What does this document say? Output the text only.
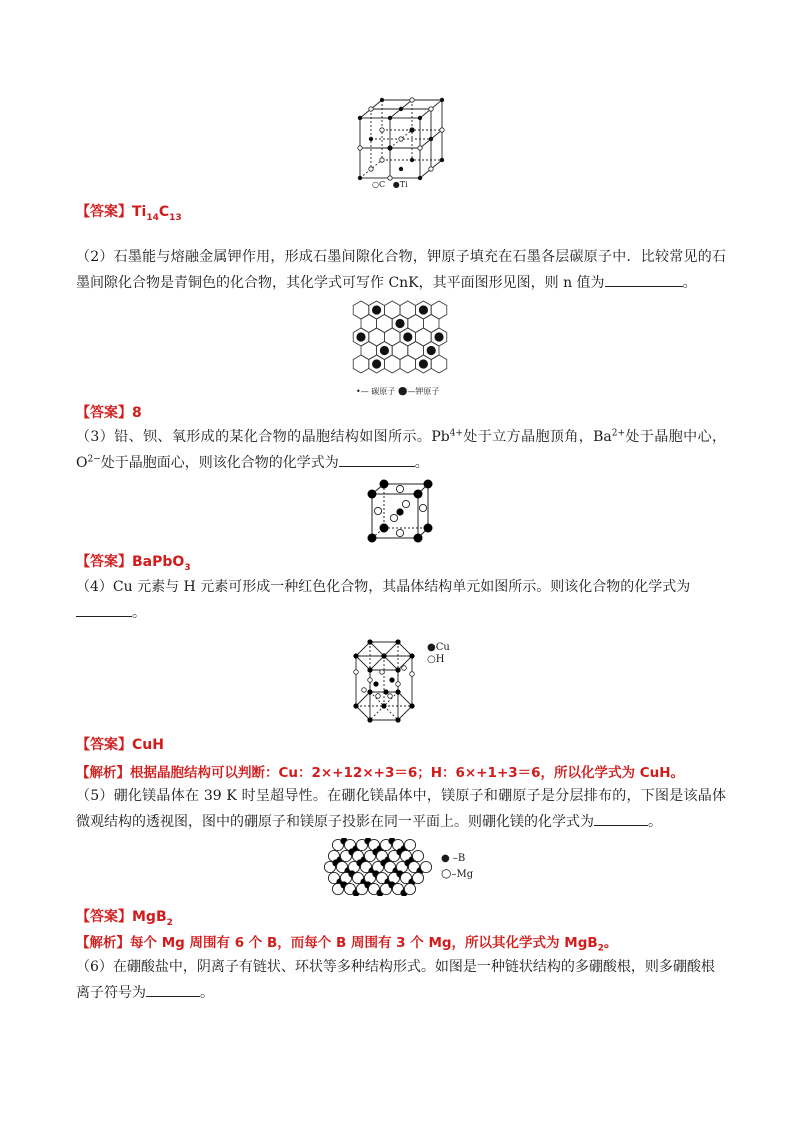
○C ●Ti
【答案】$Ti_{14}C_{13}$
（2）石墨能与熔融金属钾作用，形成石墨间隙化合物，钾原子填充在石墨各层碳原子中．比较常见的石墨间隙化合物是青铜色的化合物，其化学式可写作 CnK，其平面图形见图，则 n 值为	。
•— 碳原子 ●—钾原子
【答案】8
（3）铅、钡、氧形成的某化合物的晶胞结构如图所示。$Pb^{4+}$处于立方晶胞顶角，$Ba^{2+}$处于晶胞中心，$O^{2-}$处于晶胞面心，则该化合物的化学式为	。
【答案】BaPbO$_3$
（4）Cu 元素与 H 元素可形成一种红色化合物，其晶体结构单元如图所示。则该化合物的化学式为
。
●Cu
○H
【答案】CuH
【解析】根据晶胞结构可以判断：Cu：2×+12×+3＝6；H：6×+1+3＝6，所以化学式为 CuH。
（5）硼化镁晶体在 39 K 时呈超导性。在硼化镁晶体中，镁原子和硼原子是分层排布的，下图是该晶体微观结构的透视图，图中的硼原子和镁原子投影在同一平面上。则硼化镁的化学式为	。
● –B
○–Mg
【答案】MgB$_2$
【解析】每个 Mg 周围有 6 个 B，而每个 B 周围有 3 个 Mg，所以其化学式为 MgB$_2$。
（6）在硼酸盐中，阴离子有链状、环状等多种结构形式。如图是一种链状结构的多硼酸根，则多硼酸根离子符号为	。
